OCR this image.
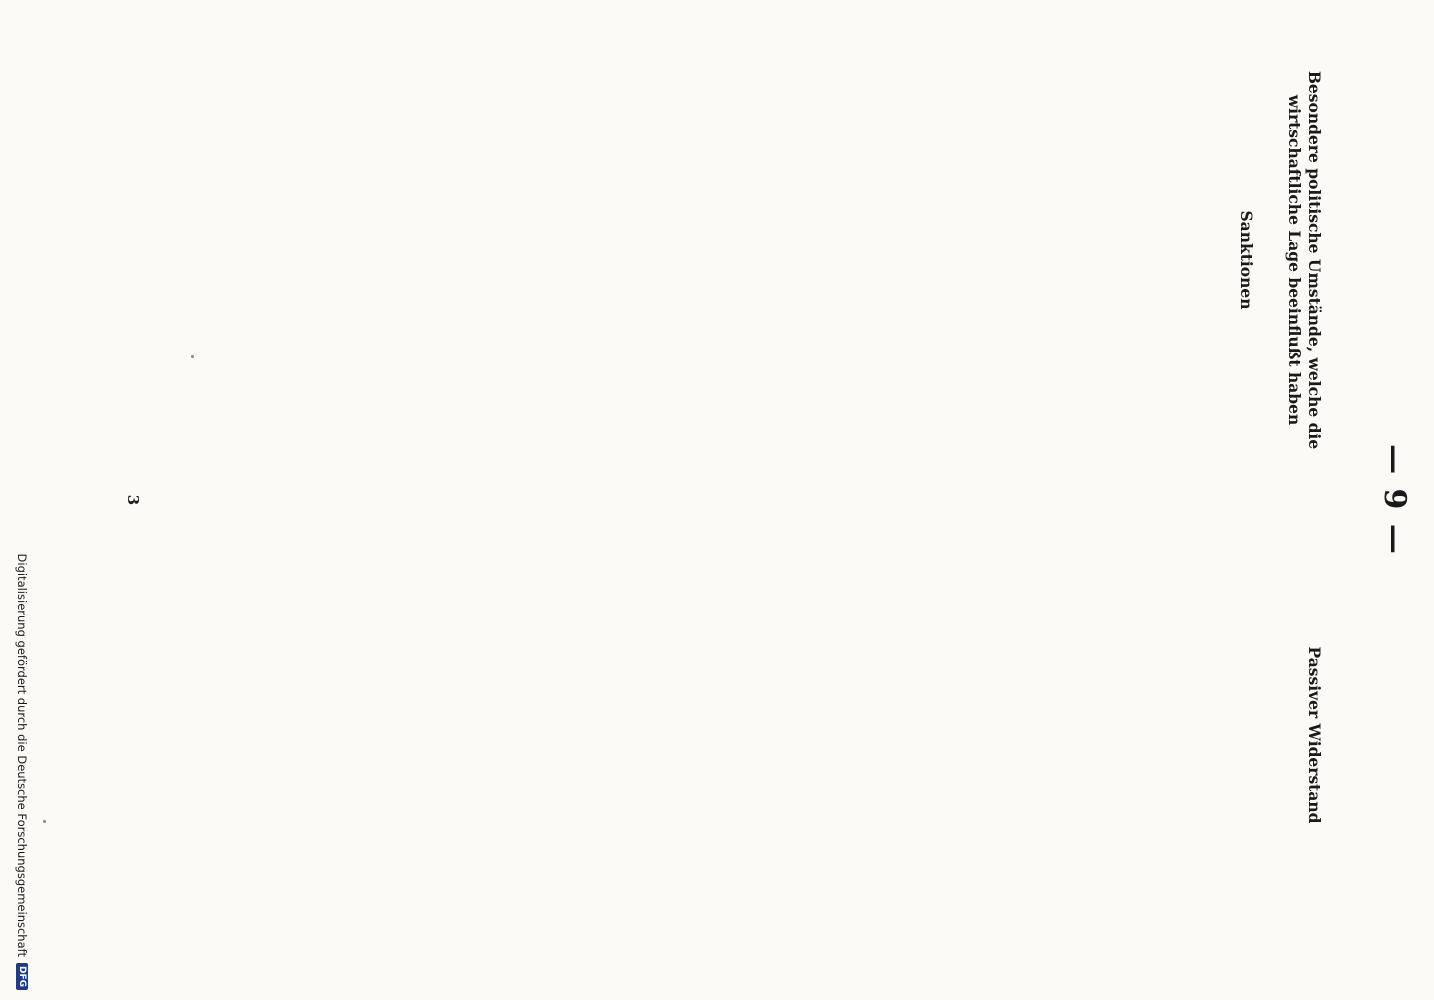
— 9 —

Besondere politische Umstände, welche die wirtschaftliche Lage beeinflußt haben

Sanktionen

Passiver Widerstand

3
Digitalisierung gefördert durch die Deutsche Forschungsgemeinschaft
DFG
